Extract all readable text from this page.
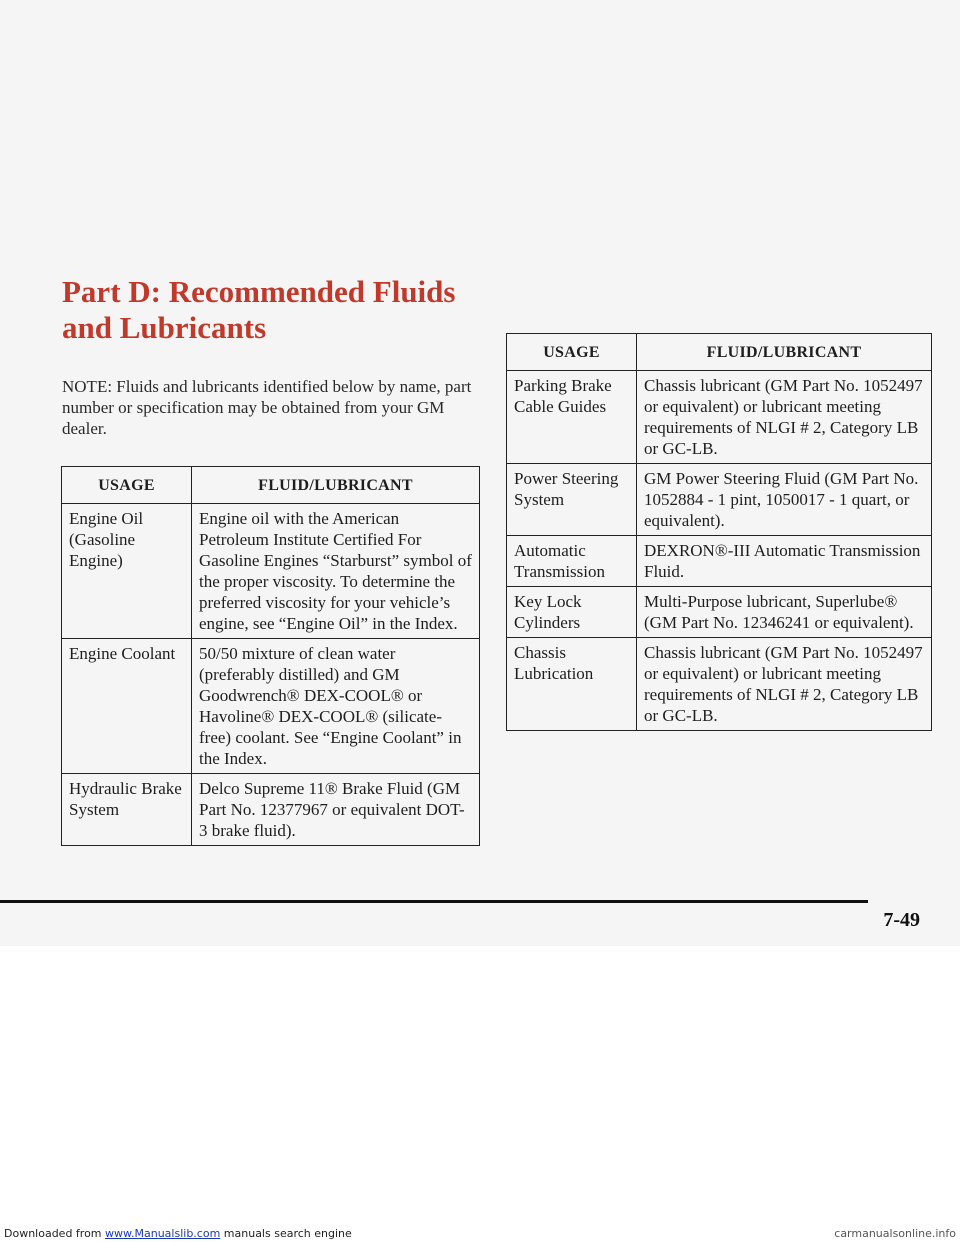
Part D: Recommended Fluids
and Lubricants

NOTE: Fluids and lubricants identified below by name, part number or specification may be obtained from your GM dealer.

USAGE	FLUID/LUBRICANT
Engine Oil (Gasoline Engine)	Engine oil with the American Petroleum Institute Certified For Gasoline Engines “Starburst” symbol of the proper viscosity. To determine the preferred viscosity for your vehicle’s engine, see “Engine Oil” in the Index.
Engine Coolant	50/50 mixture of clean water (preferably distilled) and GM Goodwrench® DEX-COOL® or Havoline® DEX-COOL® (silicate-free) coolant. See “Engine Coolant” in the Index.
Hydraulic Brake System	Delco Supreme 11® Brake Fluid (GM Part No. 12377967 or equivalent DOT-3 brake fluid).
USAGE	FLUID/LUBRICANT
Parking Brake Cable Guides	Chassis lubricant (GM Part No. 1052497 or equivalent) or lubricant meeting requirements of NLGI # 2, Category LB or GC-LB.
Power Steering System	GM Power Steering Fluid (GM Part No. 1052884 - 1 pint, 1050017 - 1 quart, or equivalent).
Automatic Transmission	DEXRON®-III Automatic Transmission Fluid.
Key Lock Cylinders	Multi-Purpose lubricant, Superlube® (GM Part No. 12346241 or equivalent).
Chassis Lubrication	Chassis lubricant (GM Part No. 1052497 or equivalent) or lubricant meeting requirements of NLGI # 2, Category LB or GC-LB.
7-49
Downloaded from www.Manualslib.com manuals search engine	carmanualsonline.info
